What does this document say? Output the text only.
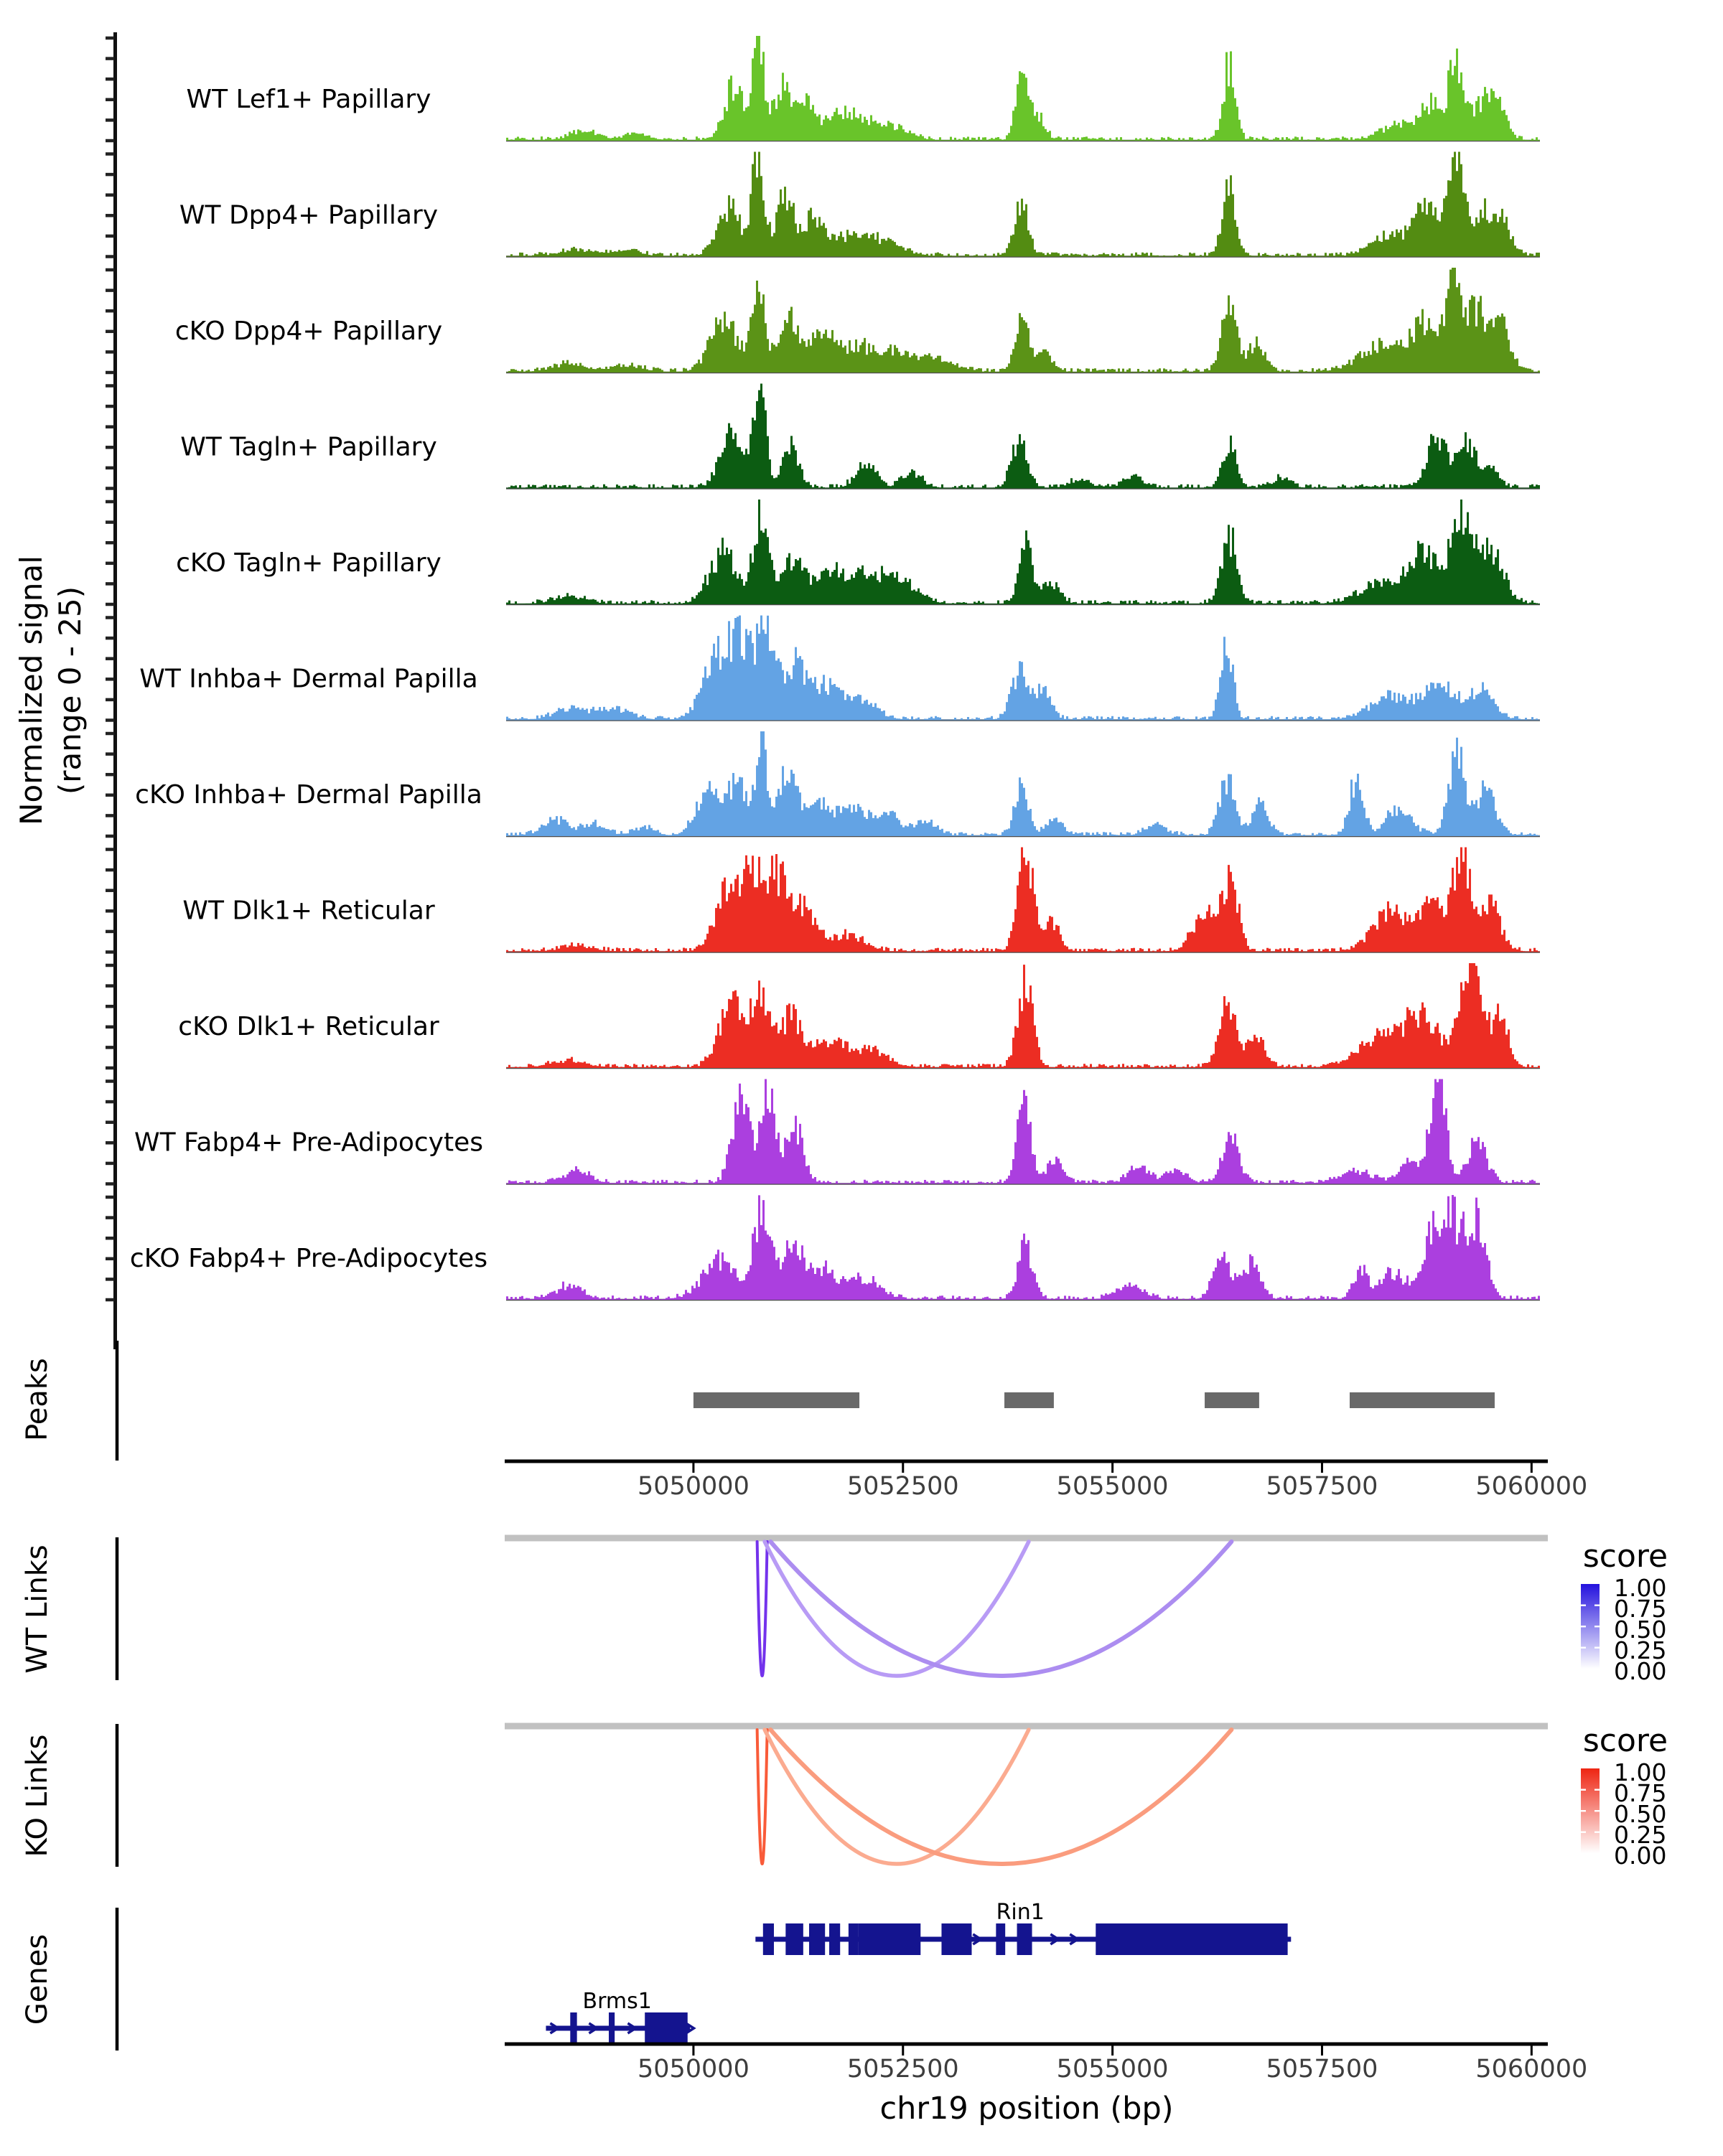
WT Lef1+ Papillary
WT Dpp4+ Papillary
cKO Dpp4+ Papillary
WT Tagln+ Papillary
cKO Tagln+ Papillary
WT Inhba+ Dermal Papilla
cKO Inhba+ Dermal Papilla
WT Dlk1+ Reticular
cKO Dlk1+ Reticular
WT Fabp4+ Pre-Adipocytes
cKO Fabp4+ Pre-Adipocytes
5050000	5052500	5055000	5057500	5060000
1.00
0.75
0.50
0.25
0.00
1.00
0.75
0.50
0.25
0.00
Rin1
Brms1
5050000	5052500	5055000	5057500	5060000
Normalized signal (range 0 - 25)
Peaks
WT Links
KO Links
Genes
score
score
chr19 position (bp)
